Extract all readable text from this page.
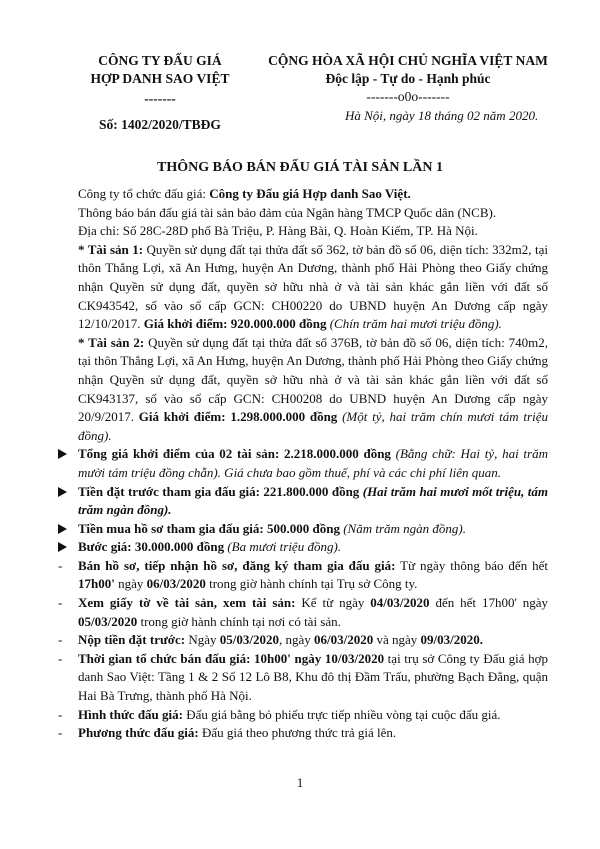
CÔNG TY ĐẤU GIÁ
HỢP DANH SAO VIỆT
-------
Số: 1402/2020/TBĐG
CỘNG HÒA XÃ HỘI CHỦ NGHĨA VIỆT NAM
Độc lập - Tự do - Hạnh phúc
-------o0o-------
Hà Nội, ngày 18 tháng 02 năm 2020.
THÔNG BÁO BÁN ĐẤU GIÁ TÀI SẢN LẦN 1

Công ty tổ chức đấu giá: Công ty Đấu giá Hợp danh Sao Việt.

Thông báo bán đấu giá tài sản bảo đảm của Ngân hàng TMCP Quốc dân (NCB).

Địa chỉ: Số 28C-28D phố Bà Triệu, P. Hàng Bài, Q. Hoàn Kiếm, TP. Hà Nội.

* Tài sản 1: Quyền sử dụng đất tại thửa đất số 362, tờ bản đồ số 06, diện tích: 332m2, tại thôn Thắng Lợi, xã An Hưng, huyện An Dương, thành phố Hải Phòng theo Giấy chứng nhận Quyền sử dụng đất, quyền sở hữu nhà ở và tài sản khác gắn liền với đất số CK943542, số vào sổ cấp GCN: CH00220 do UBND huyện An Dương cấp ngày 12/10/2017. Giá khởi điểm: 920.000.000 đồng (Chín trăm hai mươi triệu đồng).

* Tài sản 2: Quyền sử dụng đất tại thửa đất số 376B, tờ bản đồ số 06, diện tích: 740m2, tại thôn Thắng Lợi, xã An Hưng, huyện An Dương, thành phố Hải Phòng theo Giấy chứng nhận Quyền sử dụng đất, quyền sở hữu nhà ở và tài sản khác gắn liền với đất số CK943137, số vào sổ cấp GCN: CH00208 do UBND huyện An Dương cấp ngày 20/9/2017. Giá khởi điểm: 1.298.000.000 đồng (Một tỷ, hai trăm chín mươi tám triệu đồng).

Tổng giá khởi điểm của 02 tài sản: 2.218.000.000 đồng (Bằng chữ: Hai tỷ, hai trăm mười tám triệu đồng chẵn). Giá chưa bao gồm thuế, phí và các chi phí liên quan.

Tiền đặt trước tham gia đấu giá: 221.800.000 đồng (Hai trăm hai mươi mốt triệu, tám trăm ngàn đồng).

Tiền mua hồ sơ tham gia đấu giá: 500.000 đồng (Năm trăm ngàn đồng).

Bước giá: 30.000.000 đồng (Ba mươi triệu đồng).

- Bán hồ sơ, tiếp nhận hồ sơ, đăng ký tham gia đấu giá: Từ ngày thông báo đến hết 17h00' ngày 06/03/2020 trong giờ hành chính tại Trụ sở Công ty.

- Xem giấy tờ về tài sản, xem tài sản: Kể từ ngày 04/03/2020 đến hết 17h00' ngày 05/03/2020 trong giờ hành chính tại nơi có tài sản.

- Nộp tiền đặt trước: Ngày 05/03/2020, ngày 06/03/2020 và ngày 09/03/2020.

- Thời gian tổ chức bán đấu giá: 10h00' ngày 10/03/2020 tại trụ sở Công ty Đấu giá hợp danh Sao Việt: Tầng 1 & 2 Số 12 Lô B8, Khu đô thị Đầm Trấu, phường Bạch Đằng, quận Hai Bà Trưng, thành phố Hà Nội.

- Hình thức đấu giá: Đấu giá bằng bỏ phiếu trực tiếp nhiều vòng tại cuộc đấu giá.

- Phương thức đấu giá: Đấu giá theo phương thức trả giá lên.

1
